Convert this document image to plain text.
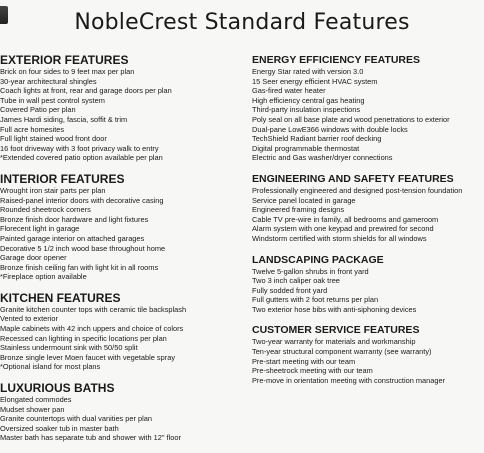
NobleCrest Standard Features
EXTERIOR FEATURES
Brick on four sides to 9 feet max per plan
30-year architectural shingles
Coach lights at front, rear and garage doors per plan
Tube in wall pest control system
Covered Patio per plan
James Hardi siding, fascia, soffit & trim
Full acre homesites
Full light stained wood front door
16 foot driveway with 3 foot privacy walk to entry
*Extended covered patio option available per plan
INTERIOR FEATURES
Wrought iron stair parts per plan
Raised-panel interior doors with decorative casing
Rounded sheetrock corners
Bronze finish door hardware and light fixtures
Florecent light in garage
Painted garage interior on attached garages
Decorative 5 1/2 inch wood base throughout home
Garage door opener
Bronze finish ceiling fan with light kit in all rooms
*Fireplace option available
KITCHEN FEATURES
Granite kitchen counter tops with ceramic tile backsplash
Vented to exterior
Maple cabinets with 42 inch uppers and choice of colors
Recessed can lighting in specific locations per plan
Stainless undermount sink with 50/50 split
Bronze single lever Moen faucet with vegetable spray
*Optional island for most plans
LUXURIOUS BATHS
Elongated commodes
Mudset shower pan
Granite countertops with dual vanities per plan
Oversized soaker tub in master bath
Master bath has separate tub and shower with 12" floor
ENERGY EFFICIENCY FEATURES
Energy Star rated with version 3.0
15 Seer energy efficient HVAC system
Gas-fired water heater
High efficiency central gas heating
Third-party insulation inspections
Poly seal on all base plate and wood penetrations to exterior
Dual-pane LowE366 windows with double locks
TechShield Radiant barrier roof decking
Digital programmable thermostat
Electric and Gas washer/dryer connections
ENGINEERING AND SAFETY FEATURES
Professionally engineered and designed post-tension foundation
Service panel located in garage
Engineered framing designs
Cable TV pre-wire in family, all bedrooms and gameroom
Alarm system with one keypad and prewired for second
Windstorm certified with storm shields for all windows
LANDSCAPING PACKAGE
Twelve 5-gallon shrubs in front yard
Two 3 inch caliper oak tree
Fully sodded front yard
Full gutters with 2 foot returns per plan
Two exterior hose bibs with anti-siphoning devices
CUSTOMER SERVICE FEATURES
Two-year warranty for materials and workmanship
Ten-year structural component warranty (see warranty)
Pre-start meeting with our team
Pre-sheetrock meeting with our team
Pre-move in orientation meeting with construction manager
